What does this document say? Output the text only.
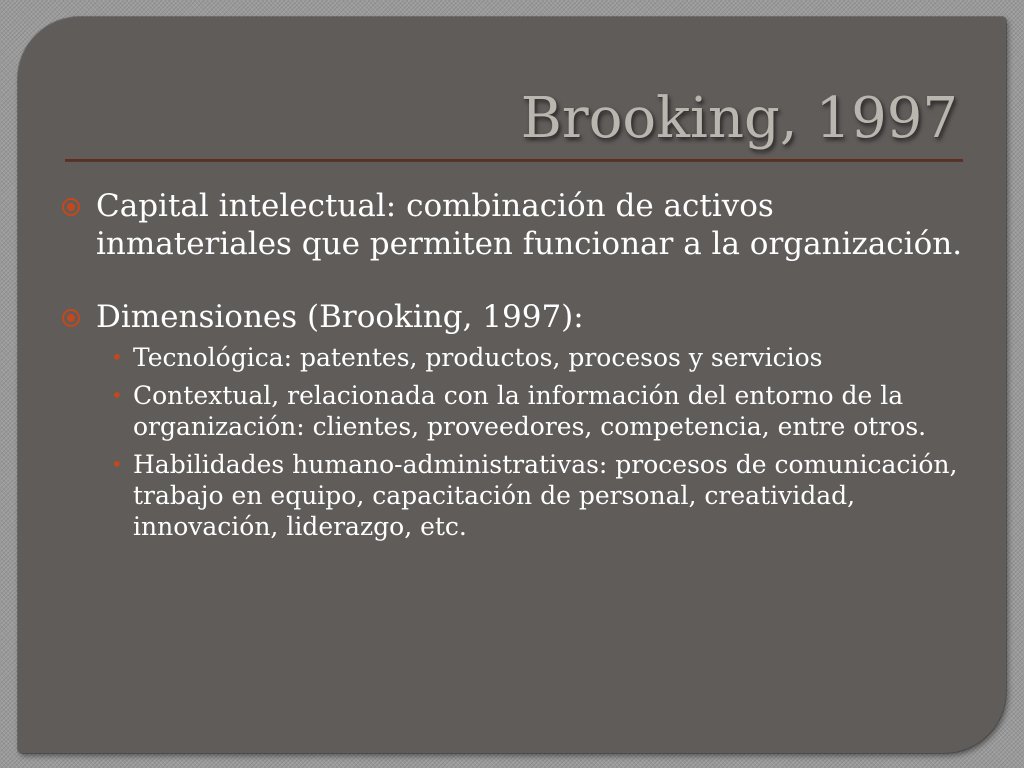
Brooking, 1997
Capital intelectual: combinación de activos inmateriales que permiten funcionar a la organización.
Dimensiones (Brooking, 1997):
• Tecnológica: patentes, productos, procesos y servicios
• Contextual, relacionada con la información del entorno de la organización: clientes, proveedores, competencia, entre otros.
• Habilidades humano-administrativas: procesos de comunicación, trabajo en equipo, capacitación de personal, creatividad, innovación, liderazgo, etc.
